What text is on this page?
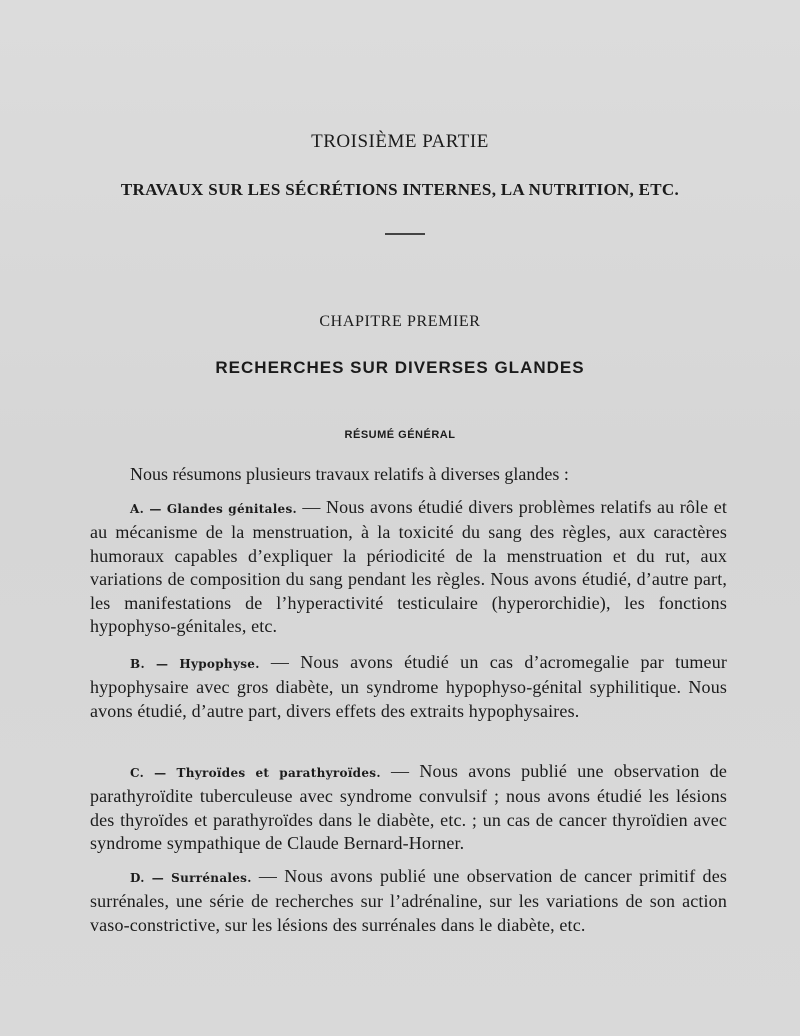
TROISIÈME PARTIE
TRAVAUX SUR LES SÉCRÉTIONS INTERNES, LA NUTRITION, ETC.
CHAPITRE PREMIER
RECHERCHES SUR DIVERSES GLANDES
RÉSUMÉ GÉNÉRAL
Nous résumons plusieurs travaux relatifs à diverses glandes :
A. — Glandes génitales. — Nous avons étudié divers problèmes relatifs au rôle et au mécanisme de la menstruation, à la toxicité du sang des règles, aux caractères humoraux capables d’expliquer la périodicité de la menstruation et du rut, aux variations de composition du sang pendant les règles. Nous avons étudié, d’autre part, les manifestations de l’hyperactivité testiculaire (hyperorchidie), les fonctions hypophyso-génitales, etc.
B. — Hypophyse. — Nous avons étudié un cas d’acromegalie par tumeur hypophysaire avec gros diabète, un syndrome hypophyso-génital syphilitique. Nous avons étudié, d’autre part, divers effets des extraits hypophysaires.
C. — Thyroïdes et parathyroïdes. — Nous avons publié une observation de parathyroïdite tuberculeuse avec syndrome convulsif ; nous avons étudié les lésions des thyroïdes et parathyroïdes dans le diabète, etc. ; un cas de cancer thyroïdien avec syndrome sympathique de Claude Bernard-Horner.
D. — Surrénales. — Nous avons publié une observation de cancer primitif des surrénales, une série de recherches sur l’adrénaline, sur les variations de son action vaso-constrictive, sur les lésions des surrénales dans le diabète, etc.
